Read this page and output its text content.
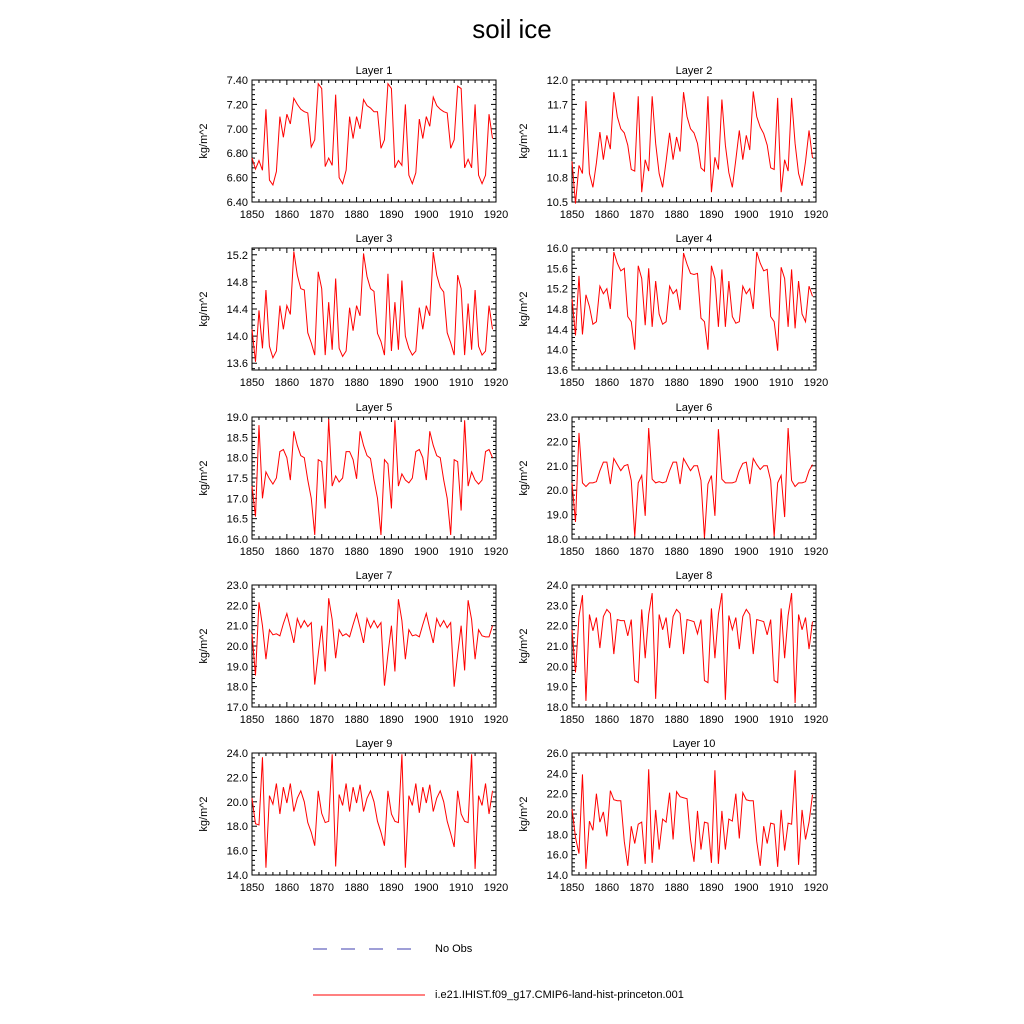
soil ice
Layer 1
kg/m^2
1850 1860 1870 1880 1890 1900 1910 1920
6.40
6.60
6.80
7.00
7.20
7.40
Layer 2
kg/m^2
1850 1860 1870 1880 1890 1900 1910 1920
10.5
10.8
11.1
11.4
11.7
12.0
Layer 3
kg/m^2
1850 1860 1870 1880 1890 1900 1910 1920
13.6
14.0
14.4
14.8
15.2
Layer 4
kg/m^2
1850 1860 1870 1880 1890 1900 1910 1920
13.6
14.0
14.4
14.8
15.2
15.6
16.0
Layer 5
kg/m^2
1850 1860 1870 1880 1890 1900 1910 1920
16.0
16.5
17.0
17.5
18.0
18.5
19.0
Layer 6
kg/m^2
1850 1860 1870 1880 1890 1900 1910 1920
18.0
19.0
20.0
21.0
22.0
23.0
Layer 7
kg/m^2
1850 1860 1870 1880 1890 1900 1910 1920
17.0
18.0
19.0
20.0
21.0
22.0
23.0
Layer 8
kg/m^2
1850 1860 1870 1880 1890 1900 1910 1920
18.0
19.0
20.0
21.0
22.0
23.0
24.0
Layer 9
kg/m^2
1850 1860 1870 1880 1890 1900 1910 1920
14.0
16.0
18.0
20.0
22.0
24.0
Layer 10
kg/m^2
1850 1860 1870 1880 1890 1900 1910 1920
14.0
16.0
18.0
20.0
22.0
24.0
26.0
No Obs
i.e21.IHIST.f09_g17.CMIP6-land-hist-princeton.001
